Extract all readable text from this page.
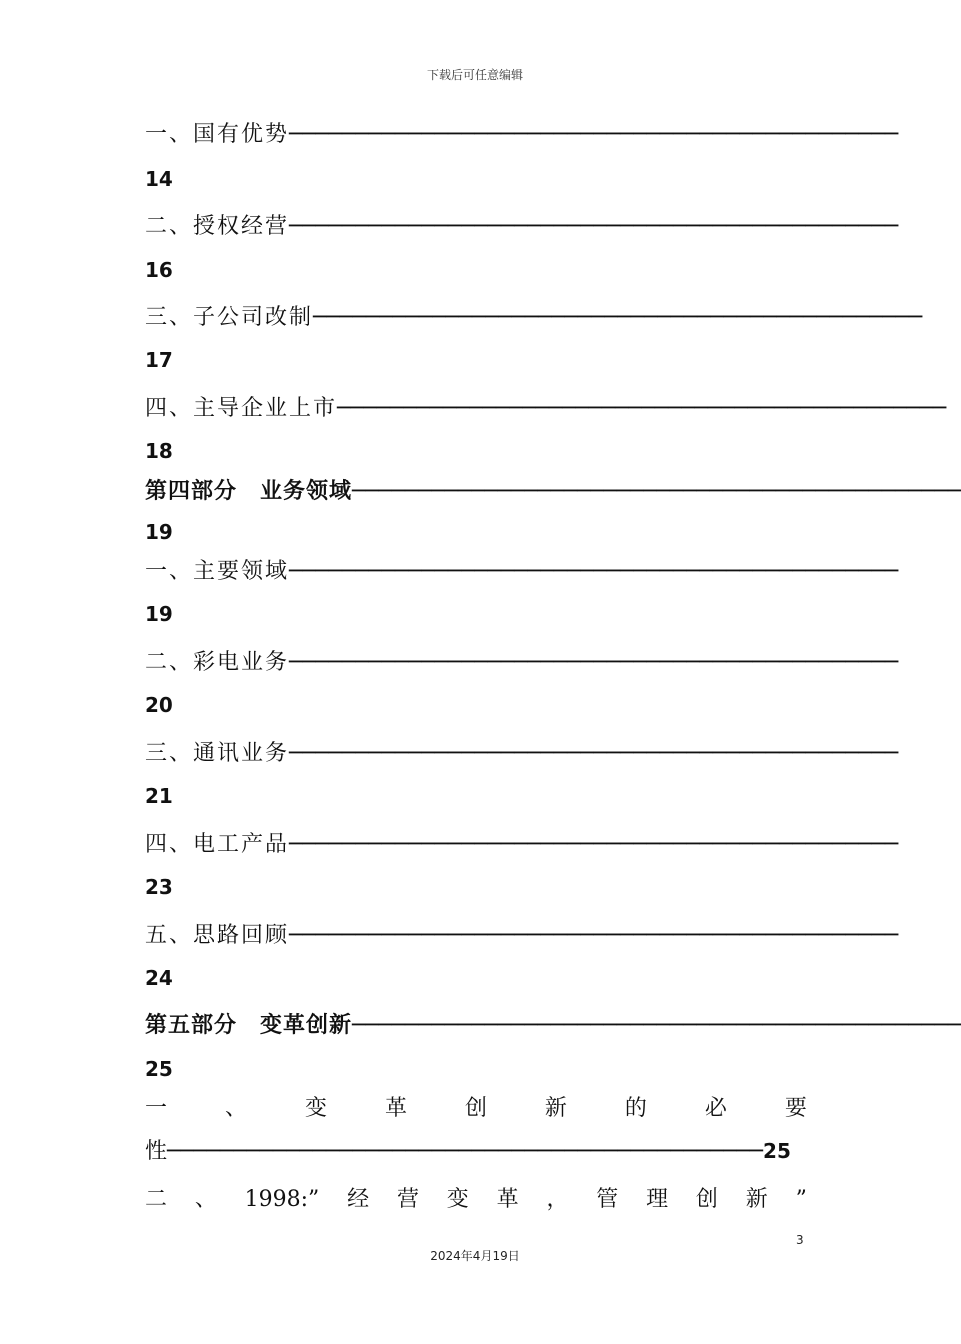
下载后可任意编辑
一、国有优势──────────────────────────────────────────────
14
二、授权经营──────────────────────────────────────────────
16
三、子公司改制──────────────────────────────────────────────
17
四、主导企业上市──────────────────────────────────────────────
18
第四部分　业务领域──────────────────────────────────────────────
19
一、主要领域──────────────────────────────────────────────
19
二、彩电业务──────────────────────────────────────────────
20
三、通讯业务──────────────────────────────────────────────
21
四、电工产品──────────────────────────────────────────────
23
五、思路回顾──────────────────────────────────────────────
24
第五部分　变革创新──────────────────────────────────────────────
25
一	、	变	革	创	新	的	必	要
性─────────────────────────────────────────────25
二 、 1998:” 经 营 变 革 ， 管 理 创 新 ”
3
2024年4月19日
